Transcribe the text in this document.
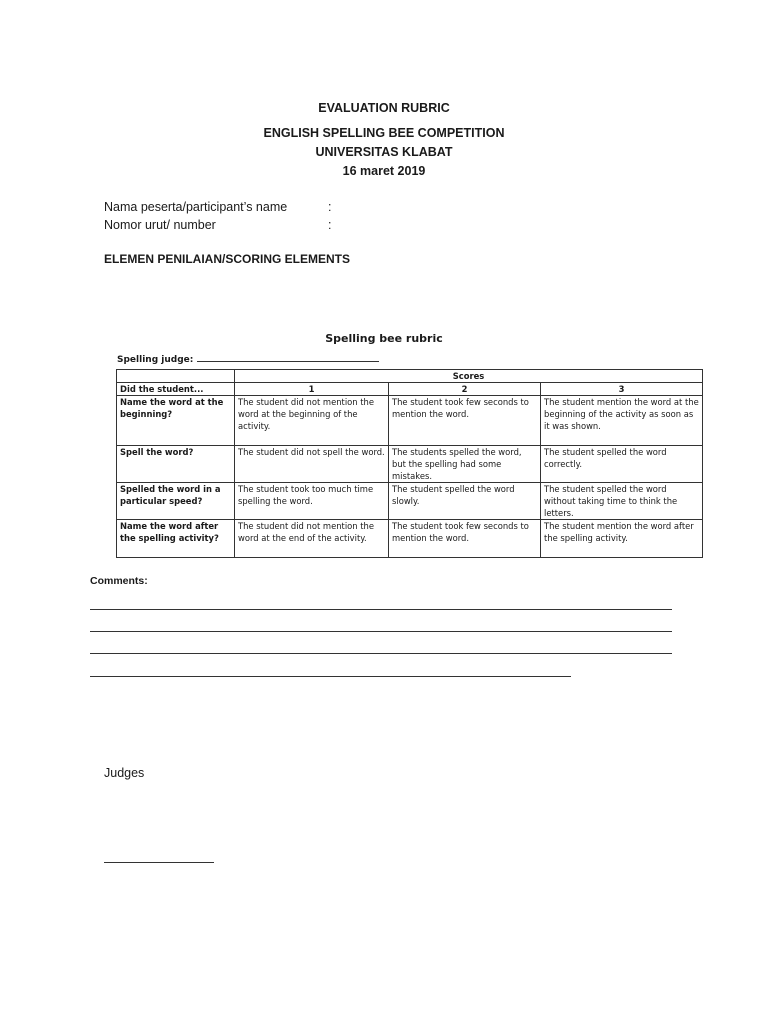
EVALUATION RUBRIC
ENGLISH SPELLING BEE COMPETITION
UNIVERSITAS KLABAT
16 maret 2019
Nama peserta/participant’s name	:
Nomor urut/ number	:
ELEMEN PENILAIAN/SCORING ELEMENTS
Spelling bee rubric
Spelling judge:
	Scores		
Did the student...	1	2	3
Name the word at the beginning?	The student did not mention the word at the beginning of the activity.	The student took few seconds to mention the word.	The student mention the word at the beginning of the activity as soon as it was shown.
Spell the word?	The student did not spell the word.	The students spelled the word, but the spelling had some mistakes.	The student spelled the word correctly.
Spelled the word in a particular speed?	The student took too much time spelling the word.	The student spelled the word slowly.	The student spelled the word without taking time to think the letters.
Name the word after the spelling activity?	The student did not mention the word at the end of the activity.	The student took few seconds to mention the word.	The student mention the word after the spelling activity.
Comments:
Judges
